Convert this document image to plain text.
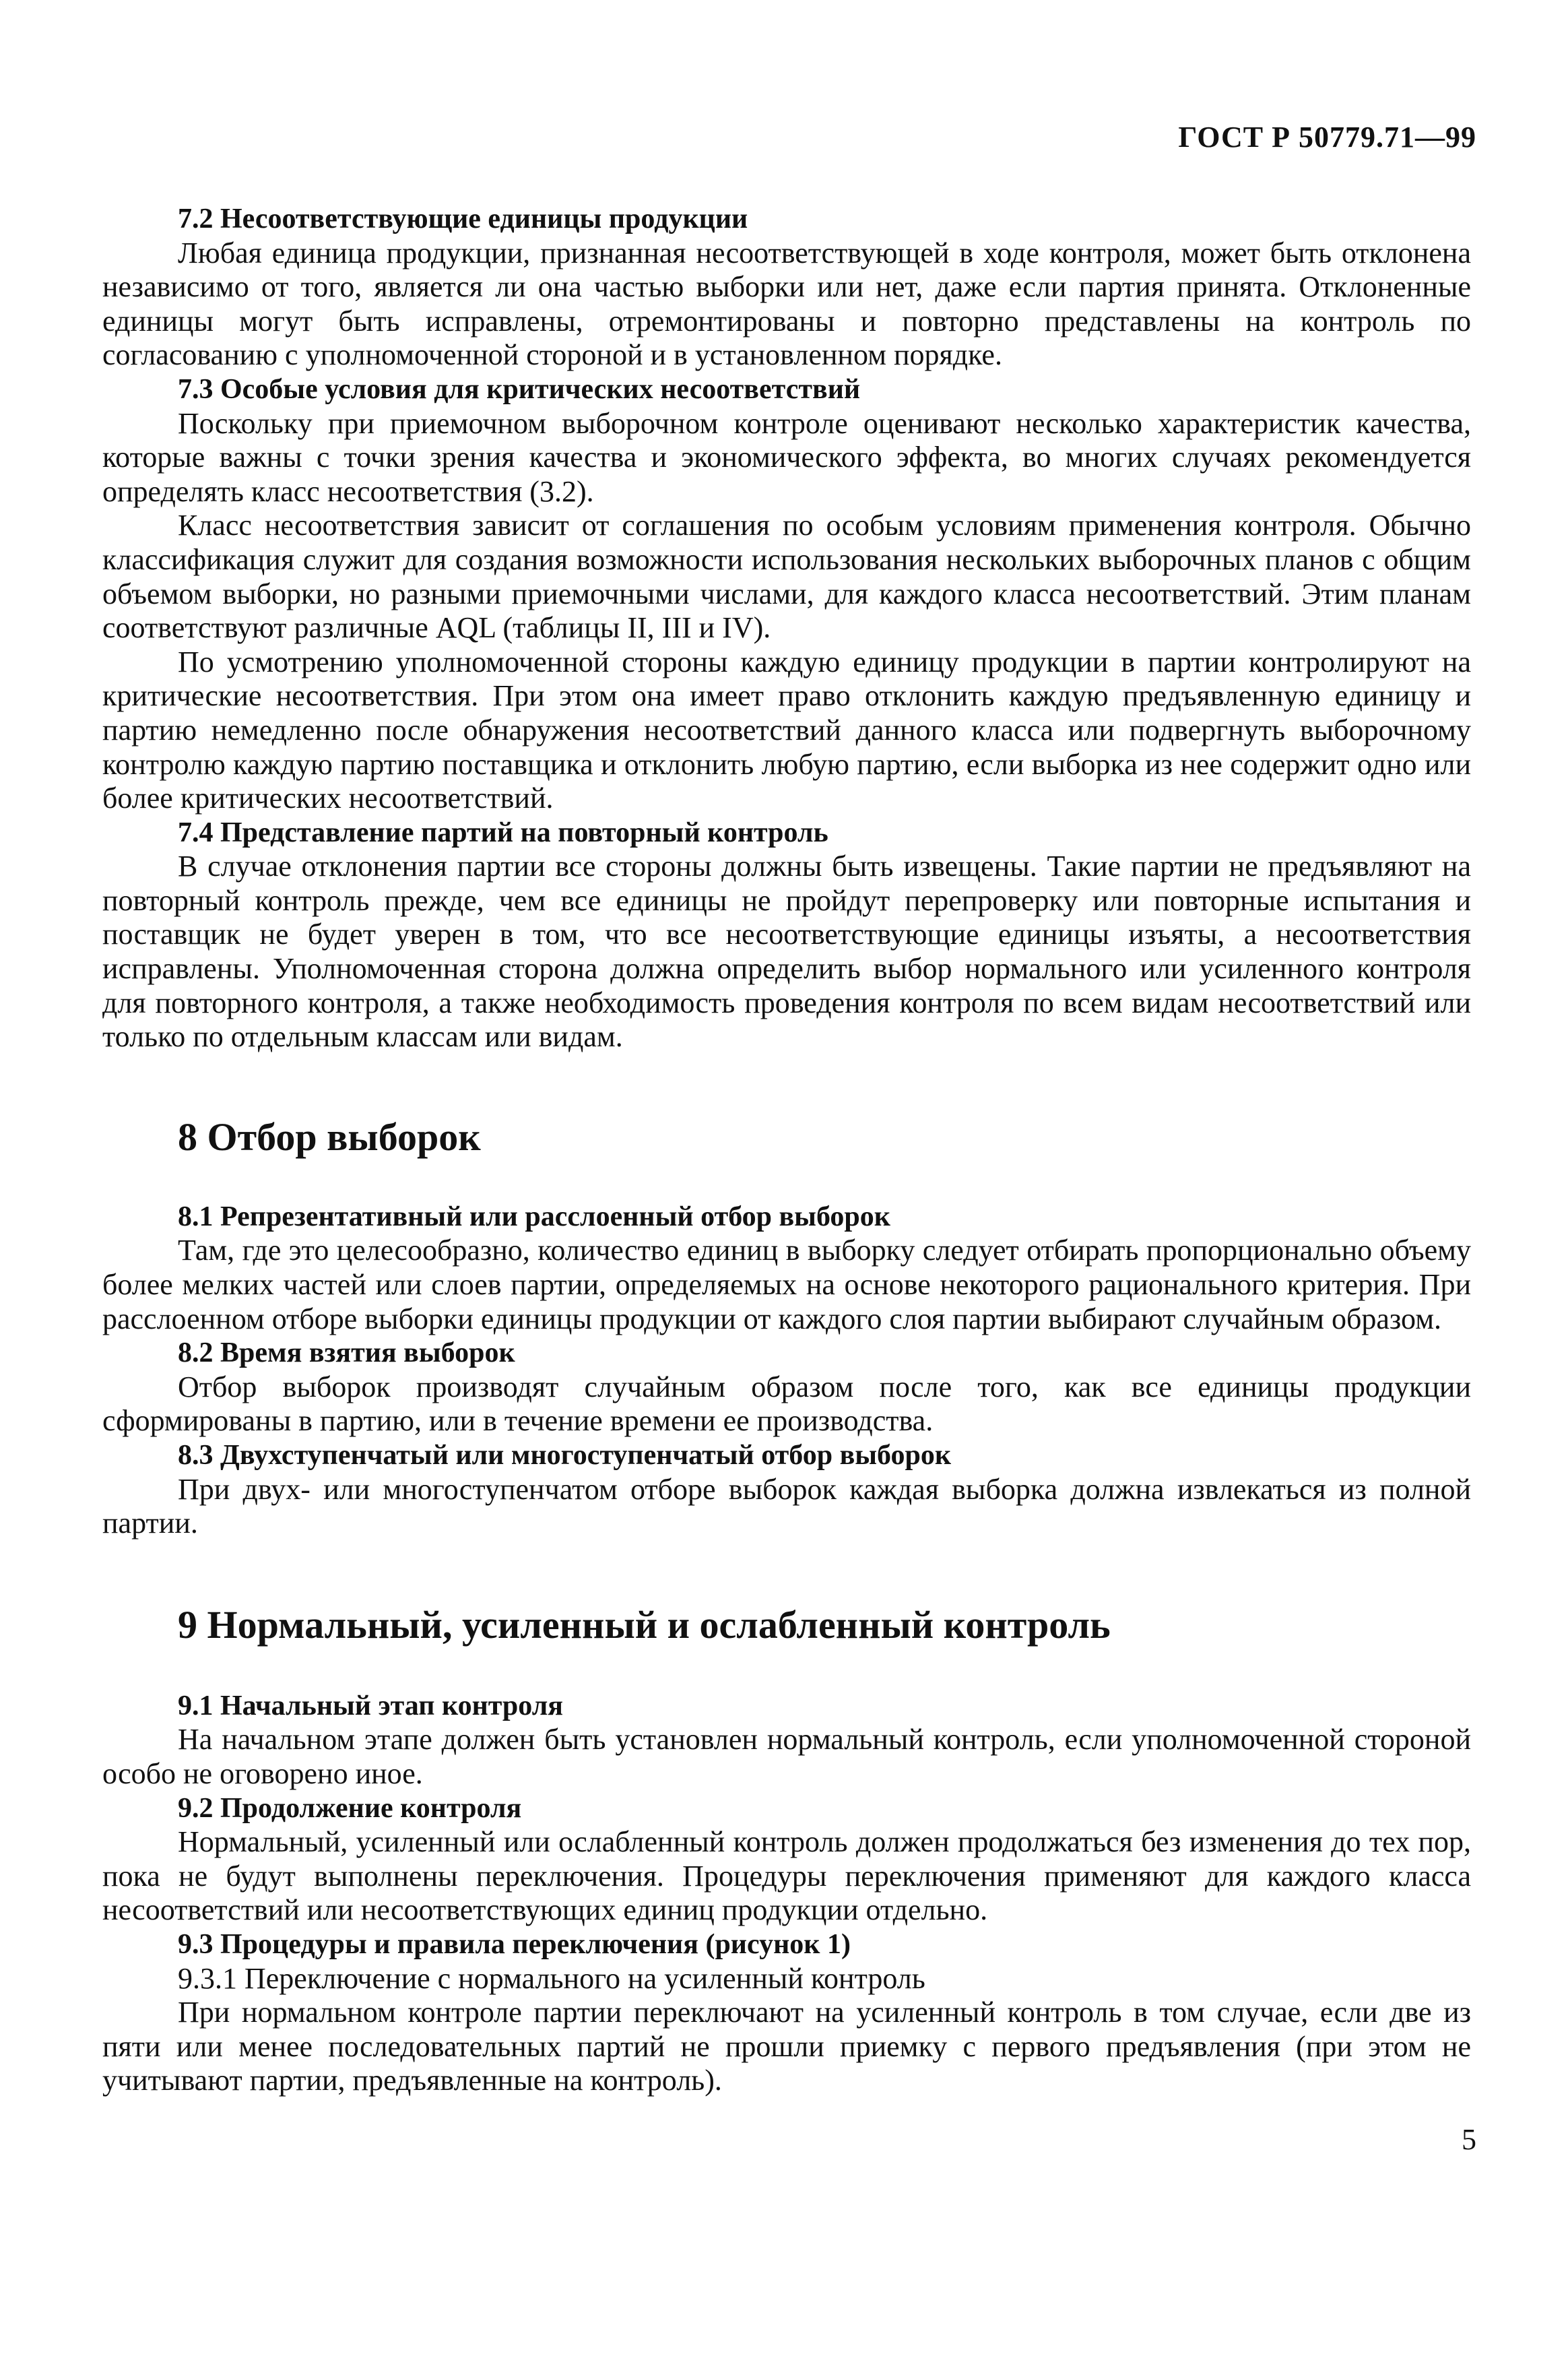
ГОСТ Р 50779.71—99
7.2 Несоответствующие единицы продукции

Любая единица продукции, признанная несоответствующей в ходе контроля, может быть отклонена независимо от того, является ли она частью выборки или нет, даже если партия принята. Отклоненные единицы могут быть исправлены, отремонтированы и повторно представлены на контроль по согласованию с уполномоченной стороной и в установленном порядке.

7.3 Особые условия для критических несоответствий

Поскольку при приемочном выборочном контроле оценивают несколько характеристик качества, которые важны с точки зрения качества и экономического эффекта, во многих случаях рекомендуется определять класс несоответствия (3.2).

Класс несоответствия зависит от соглашения по особым условиям применения контроля. Обычно классификация служит для создания возможности использования нескольких выборочных планов с общим объемом выборки, но разными приемочными числами, для каждого класса несоответствий. Этим планам соответствуют различные AQL (таблицы II, III и IV).

По усмотрению уполномоченной стороны каждую единицу продукции в партии контролируют на критические несоответствия. При этом она имеет право отклонить каждую предъявленную единицу и партию немедленно после обнаружения несоответствий данного класса или подвергнуть выборочному контролю каждую партию поставщика и отклонить любую партию, если выборка из нее содержит одно или более критических несоответствий.

7.4 Представление партий на повторный контроль

В случае отклонения партии все стороны должны быть извещены. Такие партии не предъявляют на повторный контроль прежде, чем все единицы не пройдут перепроверку или повторные испытания и поставщик не будет уверен в том, что все несоответствующие единицы изъяты, а несоответствия исправлены. Уполномоченная сторона должна определить выбор нормального или усиленного контроля для повторного контроля, а также необходимость проведения контроля по всем видам несоответствий или только по отдельным классам или видам.

8 Отбор выборок
8.1 Репрезентативный или расслоенный отбор выборок

Там, где это целесообразно, количество единиц в выборку следует отбирать пропорционально объему более мелких частей или слоев партии, определяемых на основе некоторого рационального критерия. При расслоенном отборе выборки единицы продукции от каждого слоя партии выбирают случайным образом.

8.2 Время взятия выборок

Отбор выборок производят случайным образом после того, как все единицы продукции сформированы в партию, или в течение времени ее производства.

8.3 Двухступенчатый или многоступенчатый отбор выборок

При двух- или многоступенчатом отборе выборок каждая выборка должна извлекаться из полной партии.

9 Нормальный, усиленный и ослабленный контроль
9.1 Начальный этап контроля

На начальном этапе должен быть установлен нормальный контроль, если уполномоченной стороной особо не оговорено иное.

9.2 Продолжение контроля

Нормальный, усиленный или ослабленный контроль должен продолжаться без изменения до тех пор, пока не будут выполнены переключения. Процедуры переключения применяют для каждого класса несоответствий или несоответствующих единиц продукции отдельно.

9.3 Процедуры и правила переключения (рисунок 1)
9.3.1 Переключение с нормального на усиленный контроль

При нормальном контроле партии переключают на усиленный контроль в том случае, если две из пяти или менее последовательных партий не прошли приемку с первого предъявления (при этом не учитывают партии, предъявленные на контроль).

5
